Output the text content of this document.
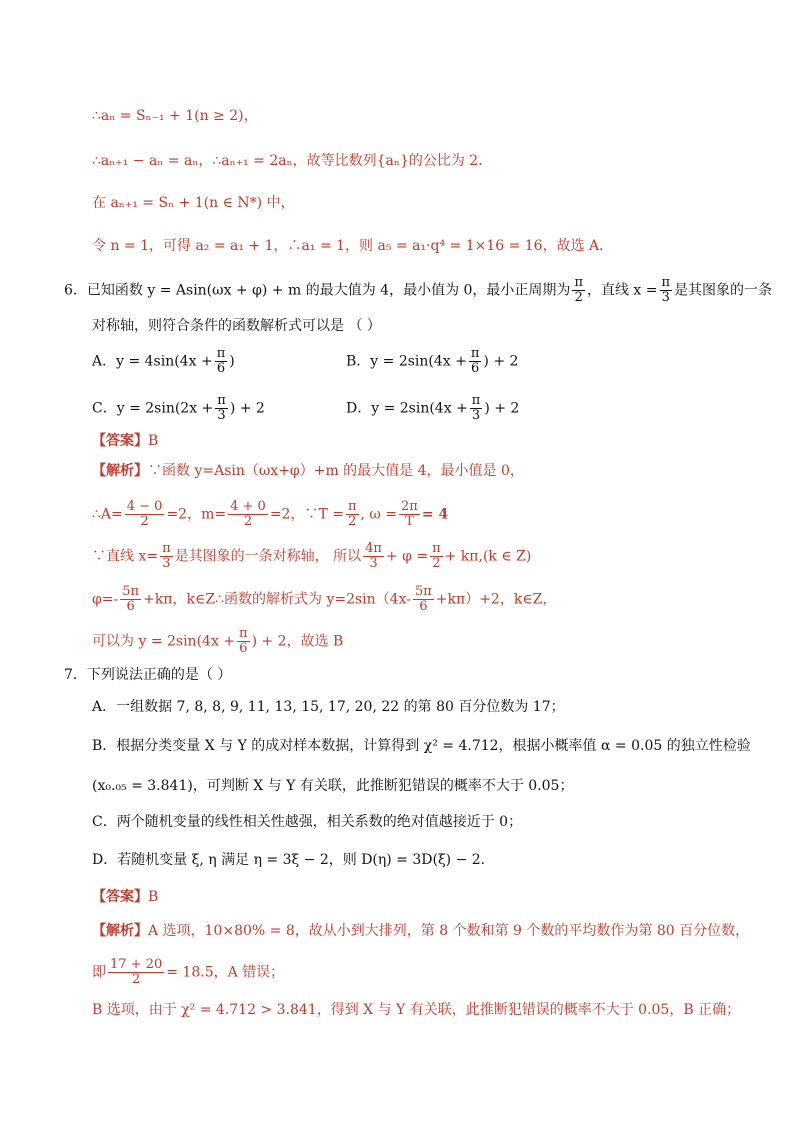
∴aₙ = Sₙ₋₁ + 1(n ≥ 2)，
∴aₙ₊₁ − aₙ = aₙ，∴aₙ₊₁ = 2aₙ，故等比数列{aₙ}的公比为 2．
在 aₙ₊₁ = Sₙ + 1(n ∈ N*) 中，
令 n = 1，可得 a₂ = a₁ + 1，∴a₁ = 1，则 a₅ = a₁·q⁴ = 1×16 = 16，故选 A．
6．已知函数 y = Asin(ωx + φ) + m 的最大值为 4，最小值为 0，最小正周期为 $\frac{\pi}{2}$ ，直线 $x = \frac{\pi}{3}$ 是其图象的一条
对称轴，则符合条件的函数解析式可以是 （ ）
A．$y = 4\sin(4x + \frac{\pi}{6}$ )	B．$y = 2\sin(4x + \frac{\pi}{6}$ ) + 2
C．$y = 2\sin(2x + \frac{\pi}{3}$ ) + 2	D．$y = 2\sin(4x + \frac{\pi}{3}$ ) + 2
【答案】B
【解析】∵函数 y=Asin（ωx+φ）+m 的最大值是 4，最小值是 0，
∴A= $\frac{4 - 0}{2} =2$，$m= \frac{4 + 0}{2} =2$，∵T = $\frac{\pi}{2}$ , $\omega = \frac{2\pi}{T} = 4$
∵直线 $x= \frac{\pi}{3}$ 是其图象的一条对称轴， 所以 $\frac{4\pi}{3} + \varphi = \frac{\pi}{2} + k\pi,(k$ ∈ Z)
$\varphi=- \frac{5\pi}{6} +k\pi$，k∈Z∴函数的解析式为 $y=2\sin(4x- \frac{5\pi}{6} +k\pi)+2$，k∈Z，
可以为 $y = 2\sin(4x + \frac{\pi}{6}$ ) + 2，故选 B
7．下列说法正确的是（ ）
A．一组数据 7, 8, 8, 9, 11, 13, 15, 17, 20, 22 的第 80 百分位数为 17；
B．根据分类变量 X 与 Y 的成对样本数据，计算得到 χ² = 4.712，根据小概率值 α = 0.05 的独立性检验
(x₀.₀₅ = 3.841)，可判断 X 与 Y 有关联，此推断犯错误的概率不大于 0.05；
C．两个随机变量的线性相关性越强，相关系数的绝对值越接近于 0；
D．若随机变量 ξ, η 满足 η = 3ξ − 2，则 D(η) = 3D(ξ) − 2．
【答案】B
【解析】A 选项，10×80% = 8，故从小到大排列，第 8 个数和第 9 个数的平均数作为第 80 百分位数，
即 $\frac{17 + 20}{2} = 18.5$，A 错误；
B 选项，由于 χ² = 4.712 > 3.841，得到 X 与 Y 有关联，此推断犯错误的概率不大于 0.05，B 正确；
